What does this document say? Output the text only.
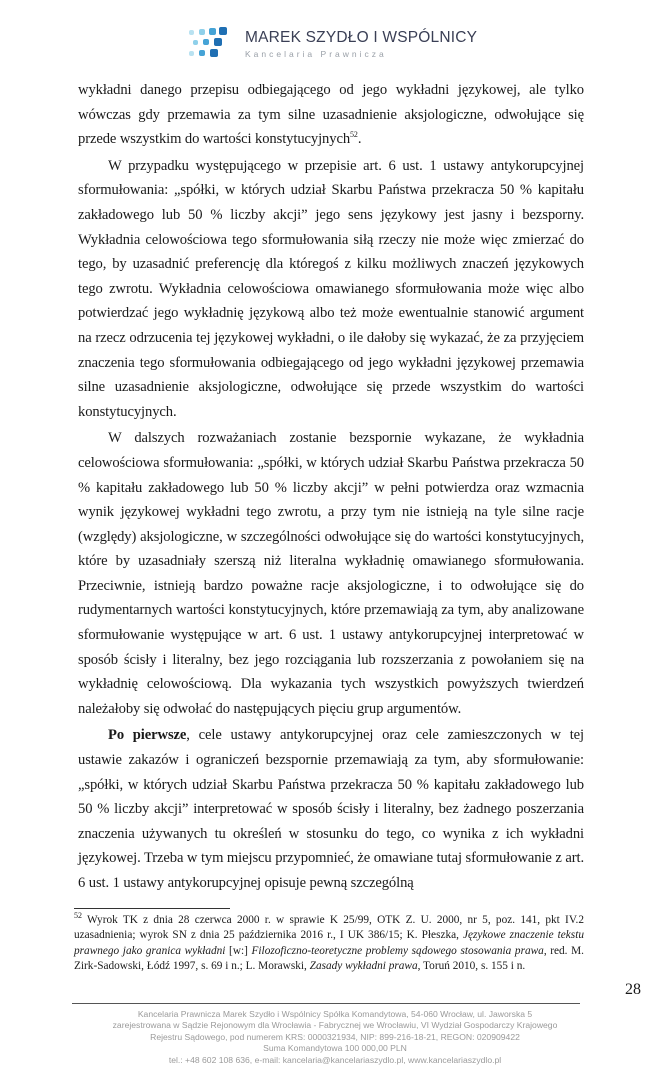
MAREK SZYDŁO I WSPÓLNICY
Kancelaria Prawnicza

wykładni danego przepisu odbiegającego od jego wykładni językowej, ale tylko wówczas gdy przemawia za tym silne uzasadnienie aksjologiczne, odwołujące się przede wszystkim do wartości konstytucyjnych$^{52}$.

W przypadku występującego w przepisie art. 6 ust. 1 ustawy antykorupcyjnej sformułowania: „spółki, w których udział Skarbu Państwa przekracza 50 % kapitału zakładowego lub 50 % liczby akcji” jego sens językowy jest jasny i bezsporny. Wykładnia celowościowa tego sformułowania siłą rzeczy nie może więc zmierzać do tego, by uzasadnić preferencję dla któregoś z kilku możliwych znaczeń językowych tego zwrotu. Wykładnia celowościowa omawianego sformułowania może więc albo potwierdzać jego wykładnię językową albo też może ewentualnie stanowić argument na rzecz odrzucenia tej językowej wykładni, o ile dałoby się wykazać, że za przyjęciem znaczenia tego sformułowania odbiegającego od jego wykładni językowej przemawia silne uzasadnienie aksjologiczne, odwołujące się przede wszystkim do wartości konstytucyjnych.

W dalszych rozważaniach zostanie bezspornie wykazane, że wykładnia celowościowa sformułowania: „spółki, w których udział Skarbu Państwa przekracza 50 % kapitału zakładowego lub 50 % liczby akcji” w pełni potwierdza oraz wzmacnia wynik językowej wykładni tego zwrotu, a przy tym nie istnieją na tyle silne racje (względy) aksjologiczne, w szczególności odwołujące się do wartości konstytucyjnych, które by uzasadniały szerszą niż literalna wykładnię omawianego sformułowania. Przeciwnie, istnieją bardzo poważne racje aksjologiczne, i to odwołujące się do rudymentarnych wartości konstytucyjnych, które przemawiają za tym, aby analizowane sformułowanie występujące w art. 6 ust. 1 ustawy antykorupcyjnej interpretować w sposób ścisły i literalny, bez jego rozciągania lub rozszerzania z powołaniem się na wykładnię celowościową. Dla wykazania tych wszystkich powyższych twierdzeń należałoby się odwołać do następujących pięciu grup argumentów.

Po pierwsze, cele ustawy antykorupcyjnej oraz cele zamieszczonych w tej ustawie zakazów i ograniczeń bezspornie przemawiają za tym, aby sformułowanie: „spółki, w których udział Skarbu Państwa przekracza 50 % kapitału zakładowego lub 50 % liczby akcji” interpretować w sposób ścisły i literalny, bez żadnego poszerzania znaczenia używanych tu określeń w stosunku do tego, co wynika z ich wykładni językowej. Trzeba w tym miejscu przypomnieć, że omawiane tutaj sformułowanie z art. 6 ust. 1 ustawy antykorupcyjnej opisuje pewną szczególną

$^{52}$ Wyrok TK z dnia 28 czerwca 2000 r. w sprawie K 25/99, OTK Z. U. 2000, nr 5, poz. 141, pkt IV.2 uzasadnienia; wyrok SN z dnia 25 października 2016 r., I UK 386/15; K. Płeszka, Językowe znaczenie tekstu prawnego jako granica wykładni [w:] Filozoficzno-teoretyczne problemy sądowego stosowania prawa, red. M. Zirk-Sadowski, Łódź 1997, s. 69 i n.; L. Morawski, Zasady wykładni prawa, Toruń 2010, s. 155 i n.
28
Kancelaria Prawnicza Marek Szydło i Wspólnicy Spółka Komandytowa, 54-060 Wrocław, ul. Jaworska 5
zarejestrowana w Sądzie Rejonowym dla Wrocławia - Fabrycznej we Wrocławiu, VI Wydział Gospodarczy Krajowego
Rejestru Sądowego, pod numerem KRS: 0000321934, NIP: 899-216-18-21, REGON: 020909422
Suma Komandytowa 100 000,00 PLN
tel.: +48 602 108 636, e-mail: kancelaria@kancelariaszydlo.pl, www.kancelariaszydlo.pl
